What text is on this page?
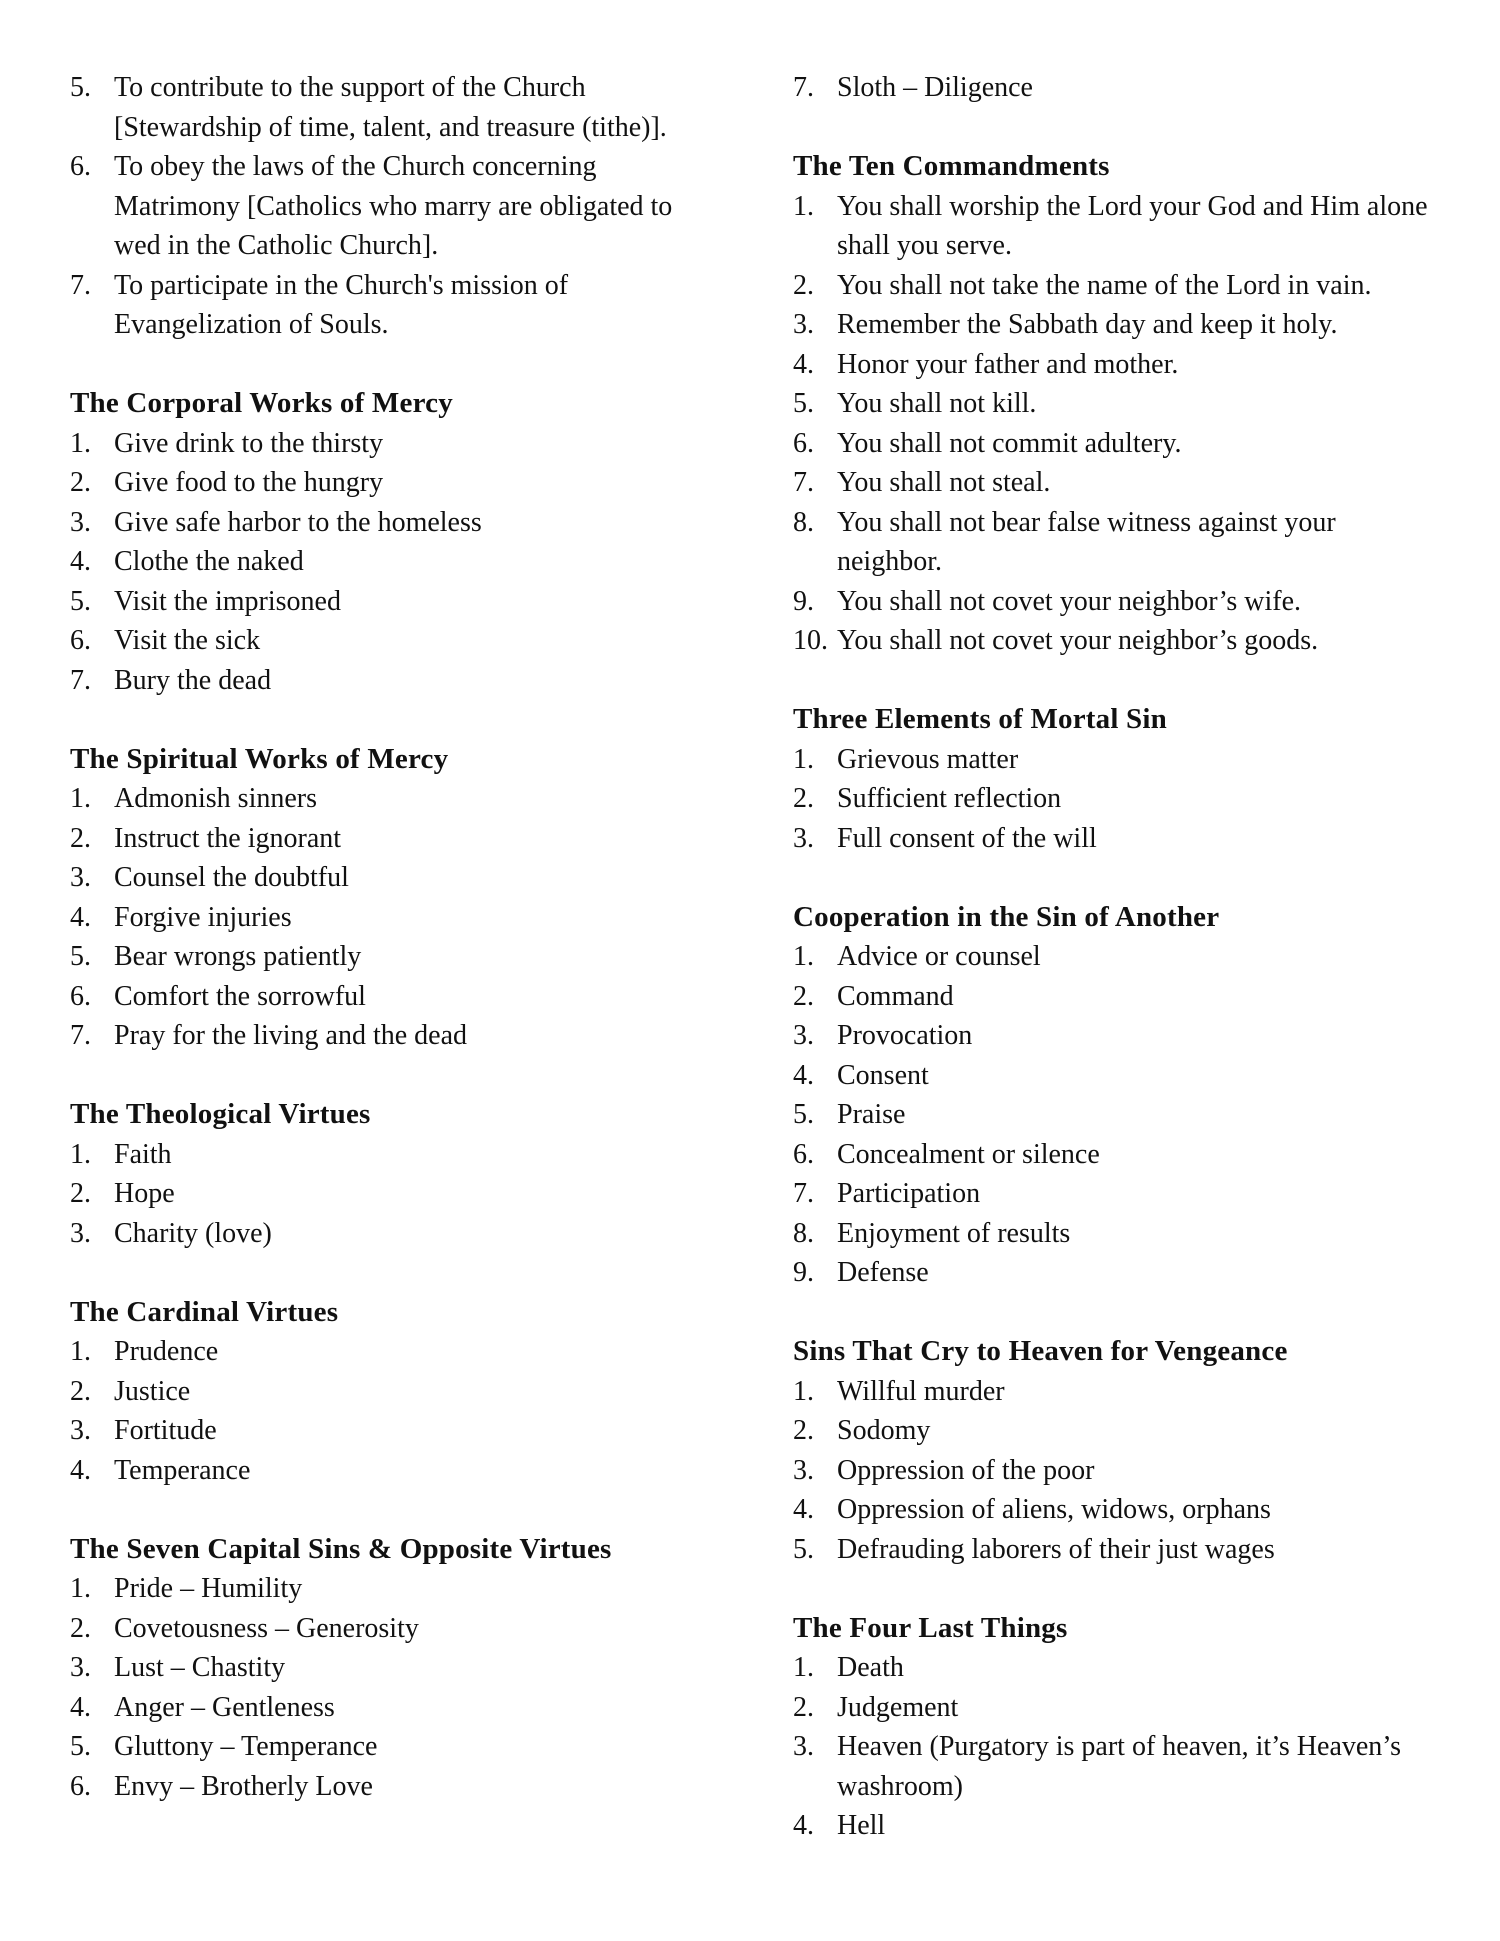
5. To contribute to the support of the Church [Stewardship of time, talent, and treasure (tithe)].
6. To obey the laws of the Church concerning Matrimony [Catholics who marry are obligated to wed in the Catholic Church].
7. To participate in the Church's mission of Evangelization of Souls.
The Corporal Works of Mercy
1. Give drink to the thirsty
2. Give food to the hungry
3. Give safe harbor to the homeless
4. Clothe the naked
5. Visit the imprisoned
6. Visit the sick
7. Bury the dead
The Spiritual Works of Mercy
1. Admonish sinners
2. Instruct the ignorant
3. Counsel the doubtful
4. Forgive injuries
5. Bear wrongs patiently
6. Comfort the sorrowful
7. Pray for the living and the dead
The Theological Virtues
1. Faith
2. Hope
3. Charity (love)
The Cardinal Virtues
1. Prudence
2. Justice
3. Fortitude
4. Temperance
The Seven Capital Sins & Opposite Virtues
1. Pride – Humility
2. Covetousness – Generosity
3. Lust – Chastity
4. Anger – Gentleness
5. Gluttony – Temperance
6. Envy – Brotherly Love
7. Sloth – Diligence
The Ten Commandments
1. You shall worship the Lord your God and Him alone shall you serve.
2. You shall not take the name of the Lord in vain.
3. Remember the Sabbath day and keep it holy.
4. Honor your father and mother.
5. You shall not kill.
6. You shall not commit adultery.
7. You shall not steal.
8. You shall not bear false witness against your neighbor.
9. You shall not covet your neighbor’s wife.
10. You shall not covet your neighbor’s goods.
Three Elements of Mortal Sin
1. Grievous matter
2. Sufficient reflection
3. Full consent of the will
Cooperation in the Sin of Another
1. Advice or counsel
2. Command
3. Provocation
4. Consent
5. Praise
6. Concealment or silence
7. Participation
8. Enjoyment of results
9. Defense
Sins That Cry to Heaven for Vengeance
1. Willful murder
2. Sodomy
3. Oppression of the poor
4. Oppression of aliens, widows, orphans
5. Defrauding laborers of their just wages
The Four Last Things
1. Death
2. Judgement
3. Heaven (Purgatory is part of heaven, it’s Heaven’s washroom)
4. Hell
